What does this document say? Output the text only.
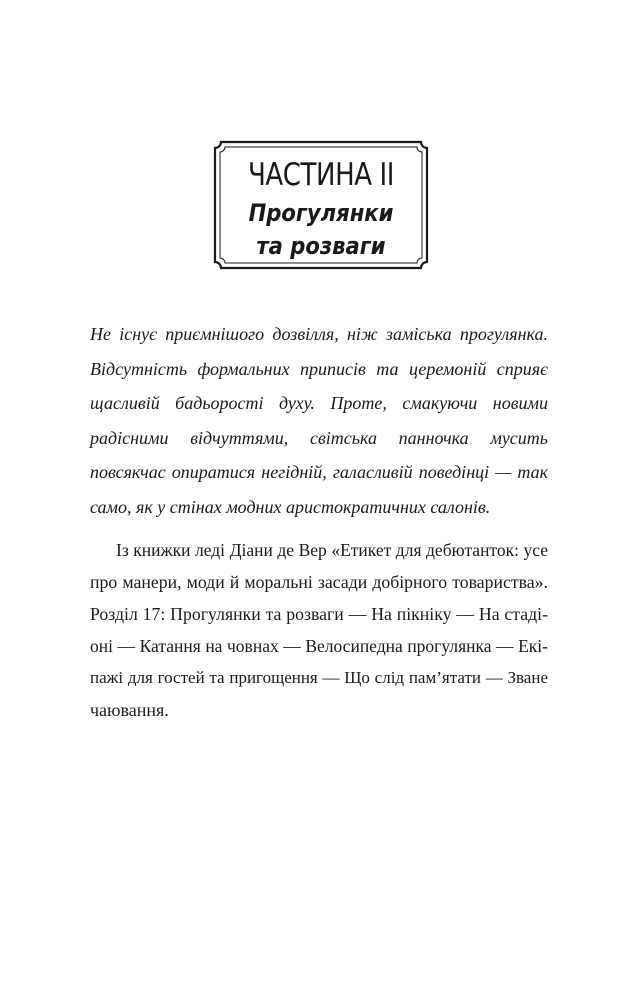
ЧАСТИНА II
Прогулянки
та розваги
Не існує приємнішого дозвілля, ніж заміська прогулянка.
Відсутність формальних приписів та церемоній сприяє
щасливій бадьорості духу. Проте, смакуючи новими
радісними відчуттями, світська панночка мусить
повсякчас опиратися негідній, галасливій поведінці — так
само, як у стінах модних аристократичних салонів.
Із книжки леді Діани де Вер «Етикет для дебютанток: усе
про манери, моди й моральні засади добірного товариства».
Розділ 17: Прогулянки та розваги — На пікніку — На стаді-
оні — Катання на човнах — Велосипедна прогулянка — Екі-
пажі для гостей та пригощення — Що слід пам’ятати — Зване
чаювання.
